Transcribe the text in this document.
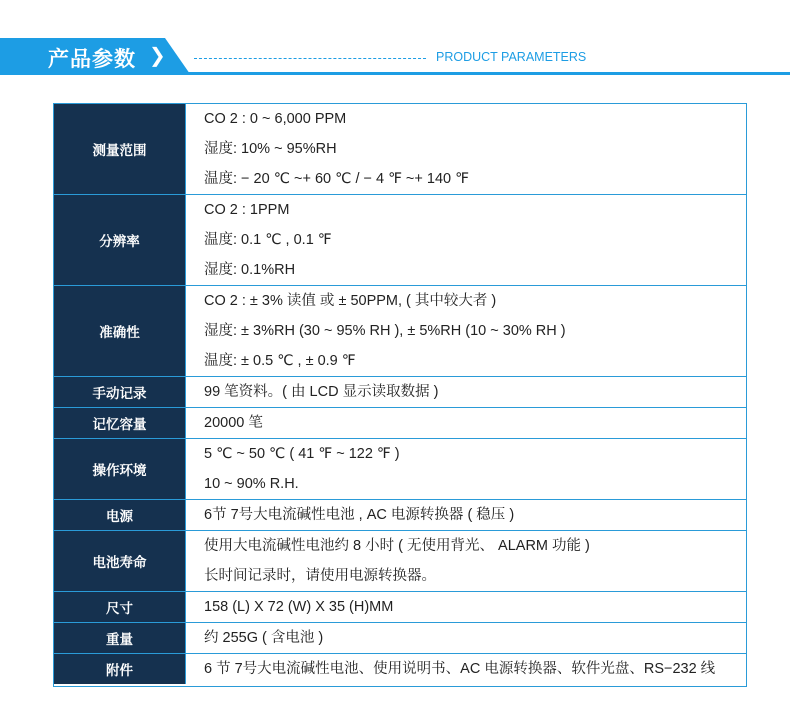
产品参数 ❯	PRODUCT PARAMETERS
测量范围	CO 2 : 0 ~ 6,000 PPM
湿度: 10% ~ 95%RH
温度: − 20 ℃ ~+ 60 ℃ / − 4 ℉ ~+ 140 ℉

分辨率	CO 2 : 1PPM
温度: 0.1 ℃ , 0.1 ℉
湿度: 0.1%RH

准确性	CO 2 : ± 3% 读值 或 ± 50PPM, ( 其中较大者 )
湿度: ± 3%RH (30 ~ 95% RH ), ± 5%RH (10 ~ 30% RH )
温度: ± 0.5 ℃ , ± 0.9 ℉

手动记录	99 笔资料。( 由 LCD 显示读取数据 )

记忆容量	20000 笔

操作环境	5 ℃ ~ 50 ℃ ( 41 ℉ ~ 122 ℉ )
10 ~ 90% R.H.

电源	6节 7号大电流碱性电池 , AC 电源转换器 ( 稳压 )

电池寿命	使用大电流碱性电池约 8 小时 ( 无使用背光、 ALARM 功能 )
长时间记录时，请使用电源转换器。

尺寸	158 (L) X 72 (W) X 35 (H)MM

重量	约 255G ( 含电池 )

附件	6 节 7号大电流碱性电池、使用说明书、AC 电源转换器、软件光盘、RS−232 线
